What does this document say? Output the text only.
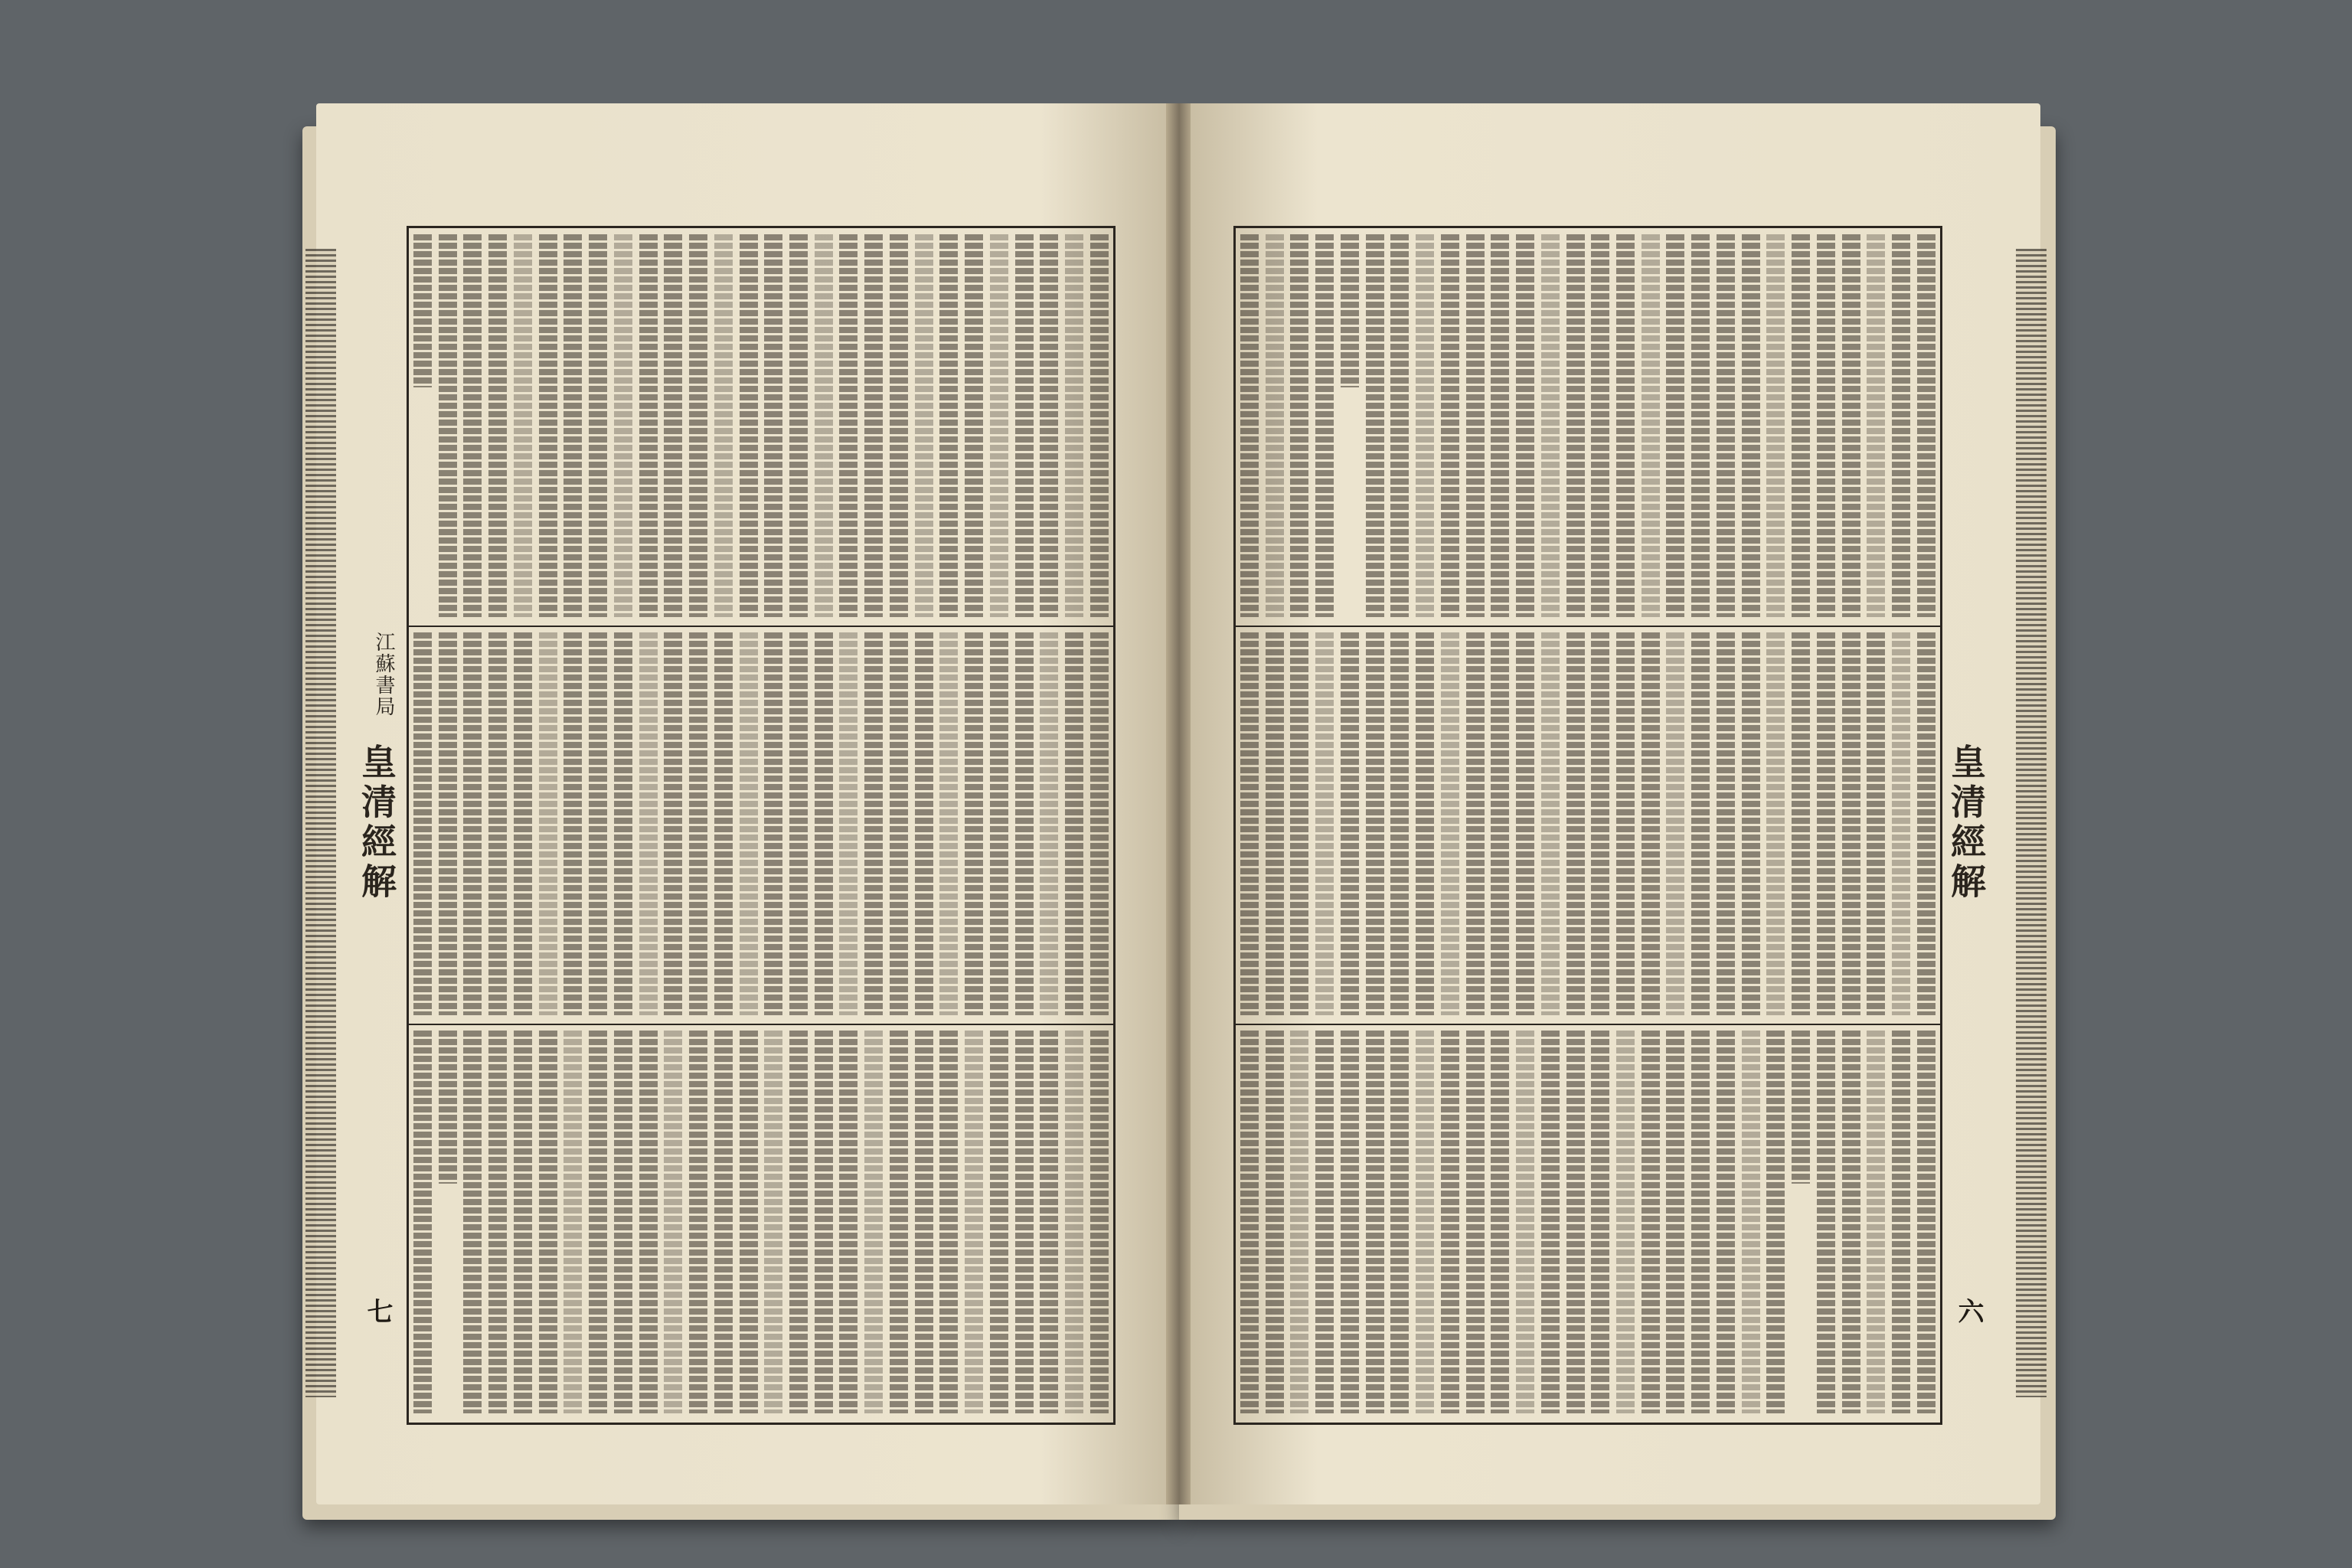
皇清經解
江蘇書局
七
皇清經解
六
